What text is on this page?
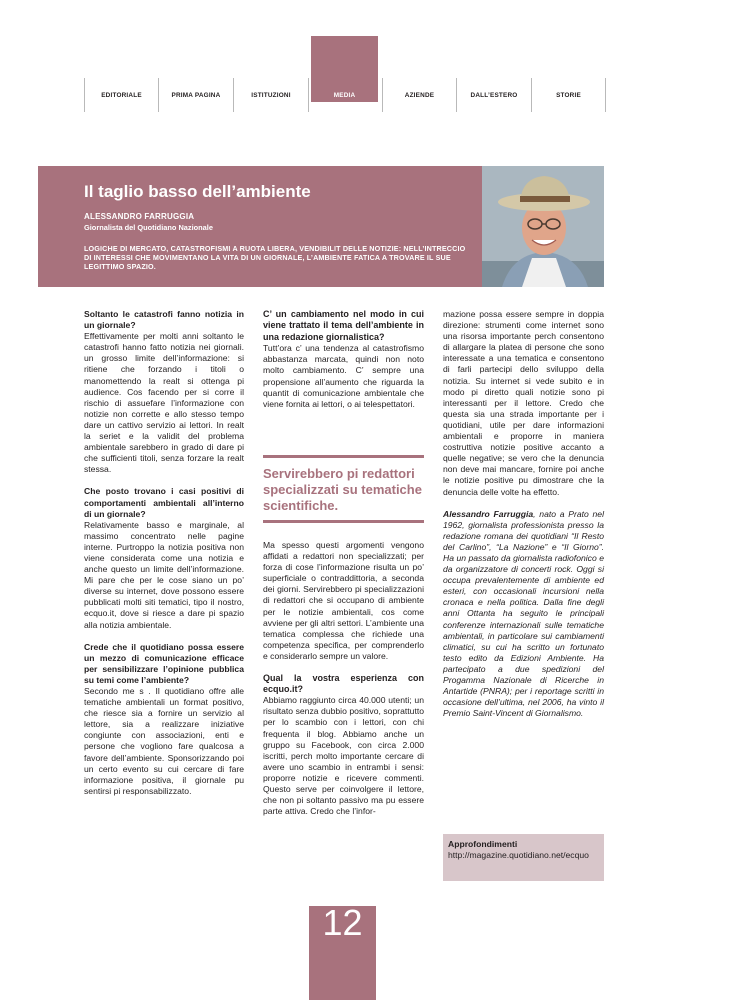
EDITORIALE	PRIMA PAGINA	ISTITUZIONI	AZIENDE	DALL’ESTERO	STORIE
MEDIA
Il taglio basso dell’ambiente
ALESSANDRO FARRUGGIA
Giornalista del Quotidiano Nazionale
LOGICHE DI MERCATO, CATASTROFISMI A RUOTA LIBERA, VENDIBILIT DELLE NOTIZIE: NELL’INTRECCIO DI INTERESSI CHE MOVIMENTANO LA VITA DI UN GIORNALE, L’AMBIENTE FATICA A TROVARE IL SUE LEGITTIMO SPAZIO.
Soltanto le catastrofi fanno notizia in un giornale?
Effettivamente per molti anni soltanto le catastrofi hanno fatto notizia nei giornali. un grosso limite dell’informazione: si ritiene che forzando i titoli o manomettendo la realt si ottenga pi audience. Cos facendo per si corre il rischio di assuefare l’informazione con notizie non corrette e allo stesso tempo dare un cattivo servizio ai lettori. In realt la seriet e la validit del problema ambientale sarebbero in grado di dare pi che sufficienti titoli, senza forzare la realt stessa.
Che posto trovano i casi positivi di comportamenti ambientali all’interno di un giornale?
Relativamente basso e marginale, al massimo concentrato nelle pagine interne. Purtroppo la notizia positiva non viene considerata come una notizia e anche questo un limite dell’informazione. Mi pare che per le cose siano un po’ diverse su internet, dove possono essere pubblicati molti siti tematici, tipo il nostro, ecquo.it, dove si riesce a dare pi spazio alla notizia ambientale.
Crede che il quotidiano possa essere un mezzo di comunicazione efficace per sensibilizzare l’opinione pubblica su temi come l’ambiente?
Secondo me s . Il quotidiano offre alle tematiche ambientali un format positivo, che riesce sia a fornire un servizio al lettore, sia a realizzare iniziative congiunte con associazioni, enti e persone che vogliono fare qualcosa a favore dell’ambiente. Sponsorizzando poi un certo evento su cui cercare di fare informazione positiva, il giornale pu sentirsi pi responsabilizzato.
C’ un cambiamento nel modo in cui viene trattato il tema dell’ambiente in una redazione giornalistica?
Tutt’ora c’ una tendenza al catastrofismo abbastanza marcata, quindi non noto molto cambiamento. C’ sempre una propensione all’aumento che riguarda la quantit di comunicazione ambientale che viene fornita ai lettori, o ai telespettatori.
Servirebbero pi redattori specializzati su tematiche scientifiche.
Ma spesso questi argomenti vengono affidati a redattori non specializzati; per forza di cose l’informazione risulta un po’ superficiale o contraddittoria, a seconda dei giorni. Servirebbero pi specializzazioni di redattori che si occupano di ambiente per le notizie ambientali, cos come avviene per gli altri settori. L’ambiente una tematica complessa che richiede una competenza specifica, per comprenderlo e considerarlo sempre un valore.
Qual la vostra esperienza con ecquo.it?
Abbiamo raggiunto circa 40.000 utenti; un risultato senza dubbio positivo, soprattutto per lo scambio con i lettori, con chi frequenta il blog. Abbiamo anche un gruppo su Facebook, con circa 2.000 iscritti, perch molto importante cercare di avere uno scambio in entrambi i sensi: proporre notizie e ricevere commenti. Questo serve per coinvolgere il lettore, che non pi soltanto passivo ma pu essere parte attiva. Credo che l’infor-
mazione possa essere sempre in doppia direzione: strumenti come internet sono una risorsa importante perch consentono di allargare la platea di persone che sono interessate a una tematica e consentono di farli partecipi dello sviluppo della notizia. Su internet si vede subito e in modo pi diretto quali notizie sono pi interessanti per il lettore. Credo che questa sia una strada importante per i quotidiani, utile per dare informazioni ambientali e proporre in maniera costruttiva notizie positive accanto a quelle negative; se vero che la denuncia non deve mai mancare, fornire poi anche le notizie positive pu dimostrare che la denuncia delle volte ha effetto.
Alessandro Farruggia, nato a Prato nel 1962, giornalista professionista presso la redazione romana dei quotidiani “Il Resto del Carlino”, “La Nazione” e “Il Giorno”. Ha un passato da giornalista radiofonico e da organizzatore di concerti rock. Oggi si occupa prevalentemente di ambiente ed esteri, con occasionali incursioni nella cronaca e nella politica. Dalla fine degli anni Ottanta ha seguito le principali conferenze internazionali sulle tematiche ambientali, in particolare sui cambiamenti climatici, su cui ha scritto un fortunato testo edito da Edizioni Ambiente. Ha partecipato a due spedizioni del Progamma Nazionale di Ricerche in Antartide (PNRA); per i reportage scritti in occasione dell’ultima, nel 2006, ha vinto il Premio Saint-Vincent di Giornalismo.
Approfondimenti
http://magazine.quotidiano.net/ecquo
12
